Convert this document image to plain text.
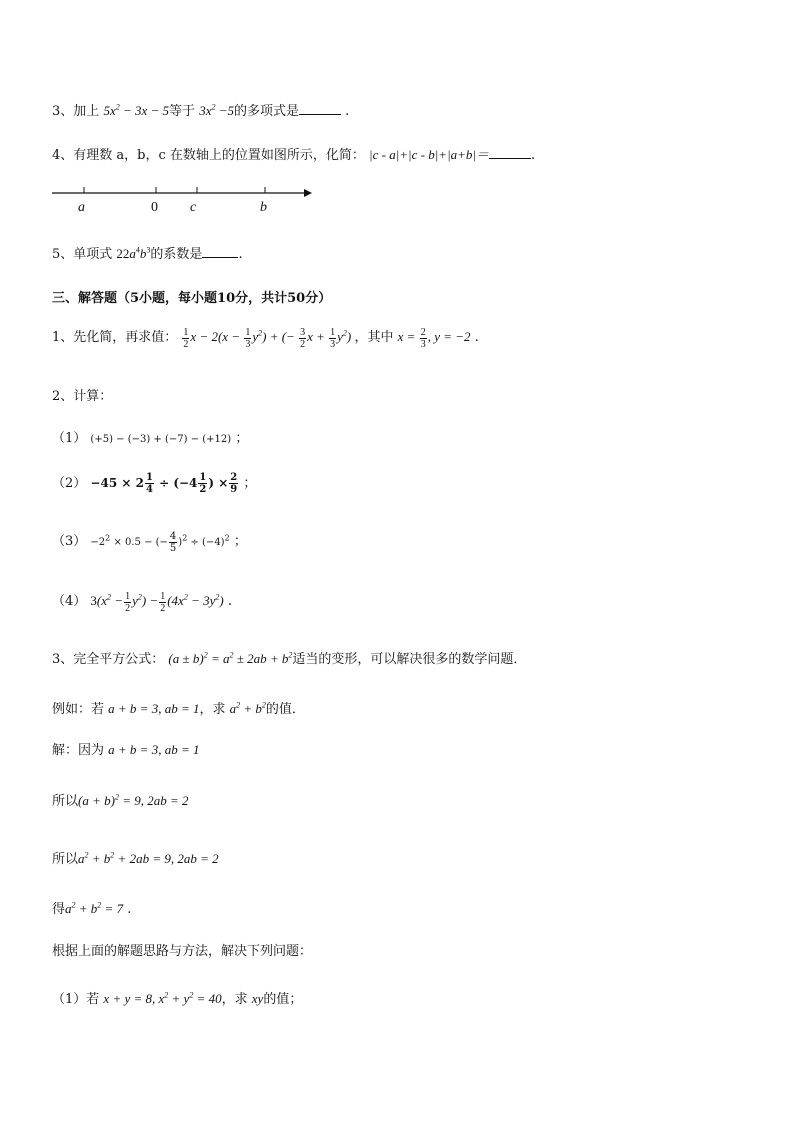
3、加上 $5x^2 - 3x - 5$等于 $3x^2 -5$的多项式是	.
4、有理数 a，b，c 在数轴上的位置如图所示，化简： |c - a|+|c - b|+|a+b|＝	.
a	0 c	b
5、单项式 $22a^4b^3$的系数是	.
三、解答题（5小题，每小题10分，共计50分）
1、先化简，再求值： $\frac{1}{2}$ $x - 2(x - \frac{1}{3} y^2)$ + (− $\frac{3}{2}$ $x + \frac{1}{3} y^2$) ，其中 $x = \frac{2}{3}$ , y = −2 .
2、计算：
（1） (+5) − (−3) + (−7) − (+12) ；
$(2) -45 \times 2 \frac{1}{4} \div (-4 \frac{1}{2}$ ) × $\frac{2}{9}$ ；
$(3) -2^2 \times 0.5$ − (− $\frac{4}{5} )^2 \div (-4)^2$ ；
（4） $3(x^2 - \frac{1}{2} y^2) - \frac{1}{2} (4x^2 - 3y^2)$ .
3、完全平方公式： $(a \pm b)^2 = a^2 \pm 2ab + b^2$适当的变形，可以解决很多的数学问题．
例如：若 a + b = 3, ab = 1，求 $a^2 + b^2$的值．
解：因为 a + b = 3, ab = 1
所以$(a + b)^2 = 9$, 2ab = 2
所以$a^2 + b^2 + 2ab = 9$, 2ab = 2
得$a^2 + b^2 = 7$ .
根据上面的解题思路与方法，解决下列问题：
（1）若 x + y = 8, $x^2 + y^2 = 40$，求 xy的值；
